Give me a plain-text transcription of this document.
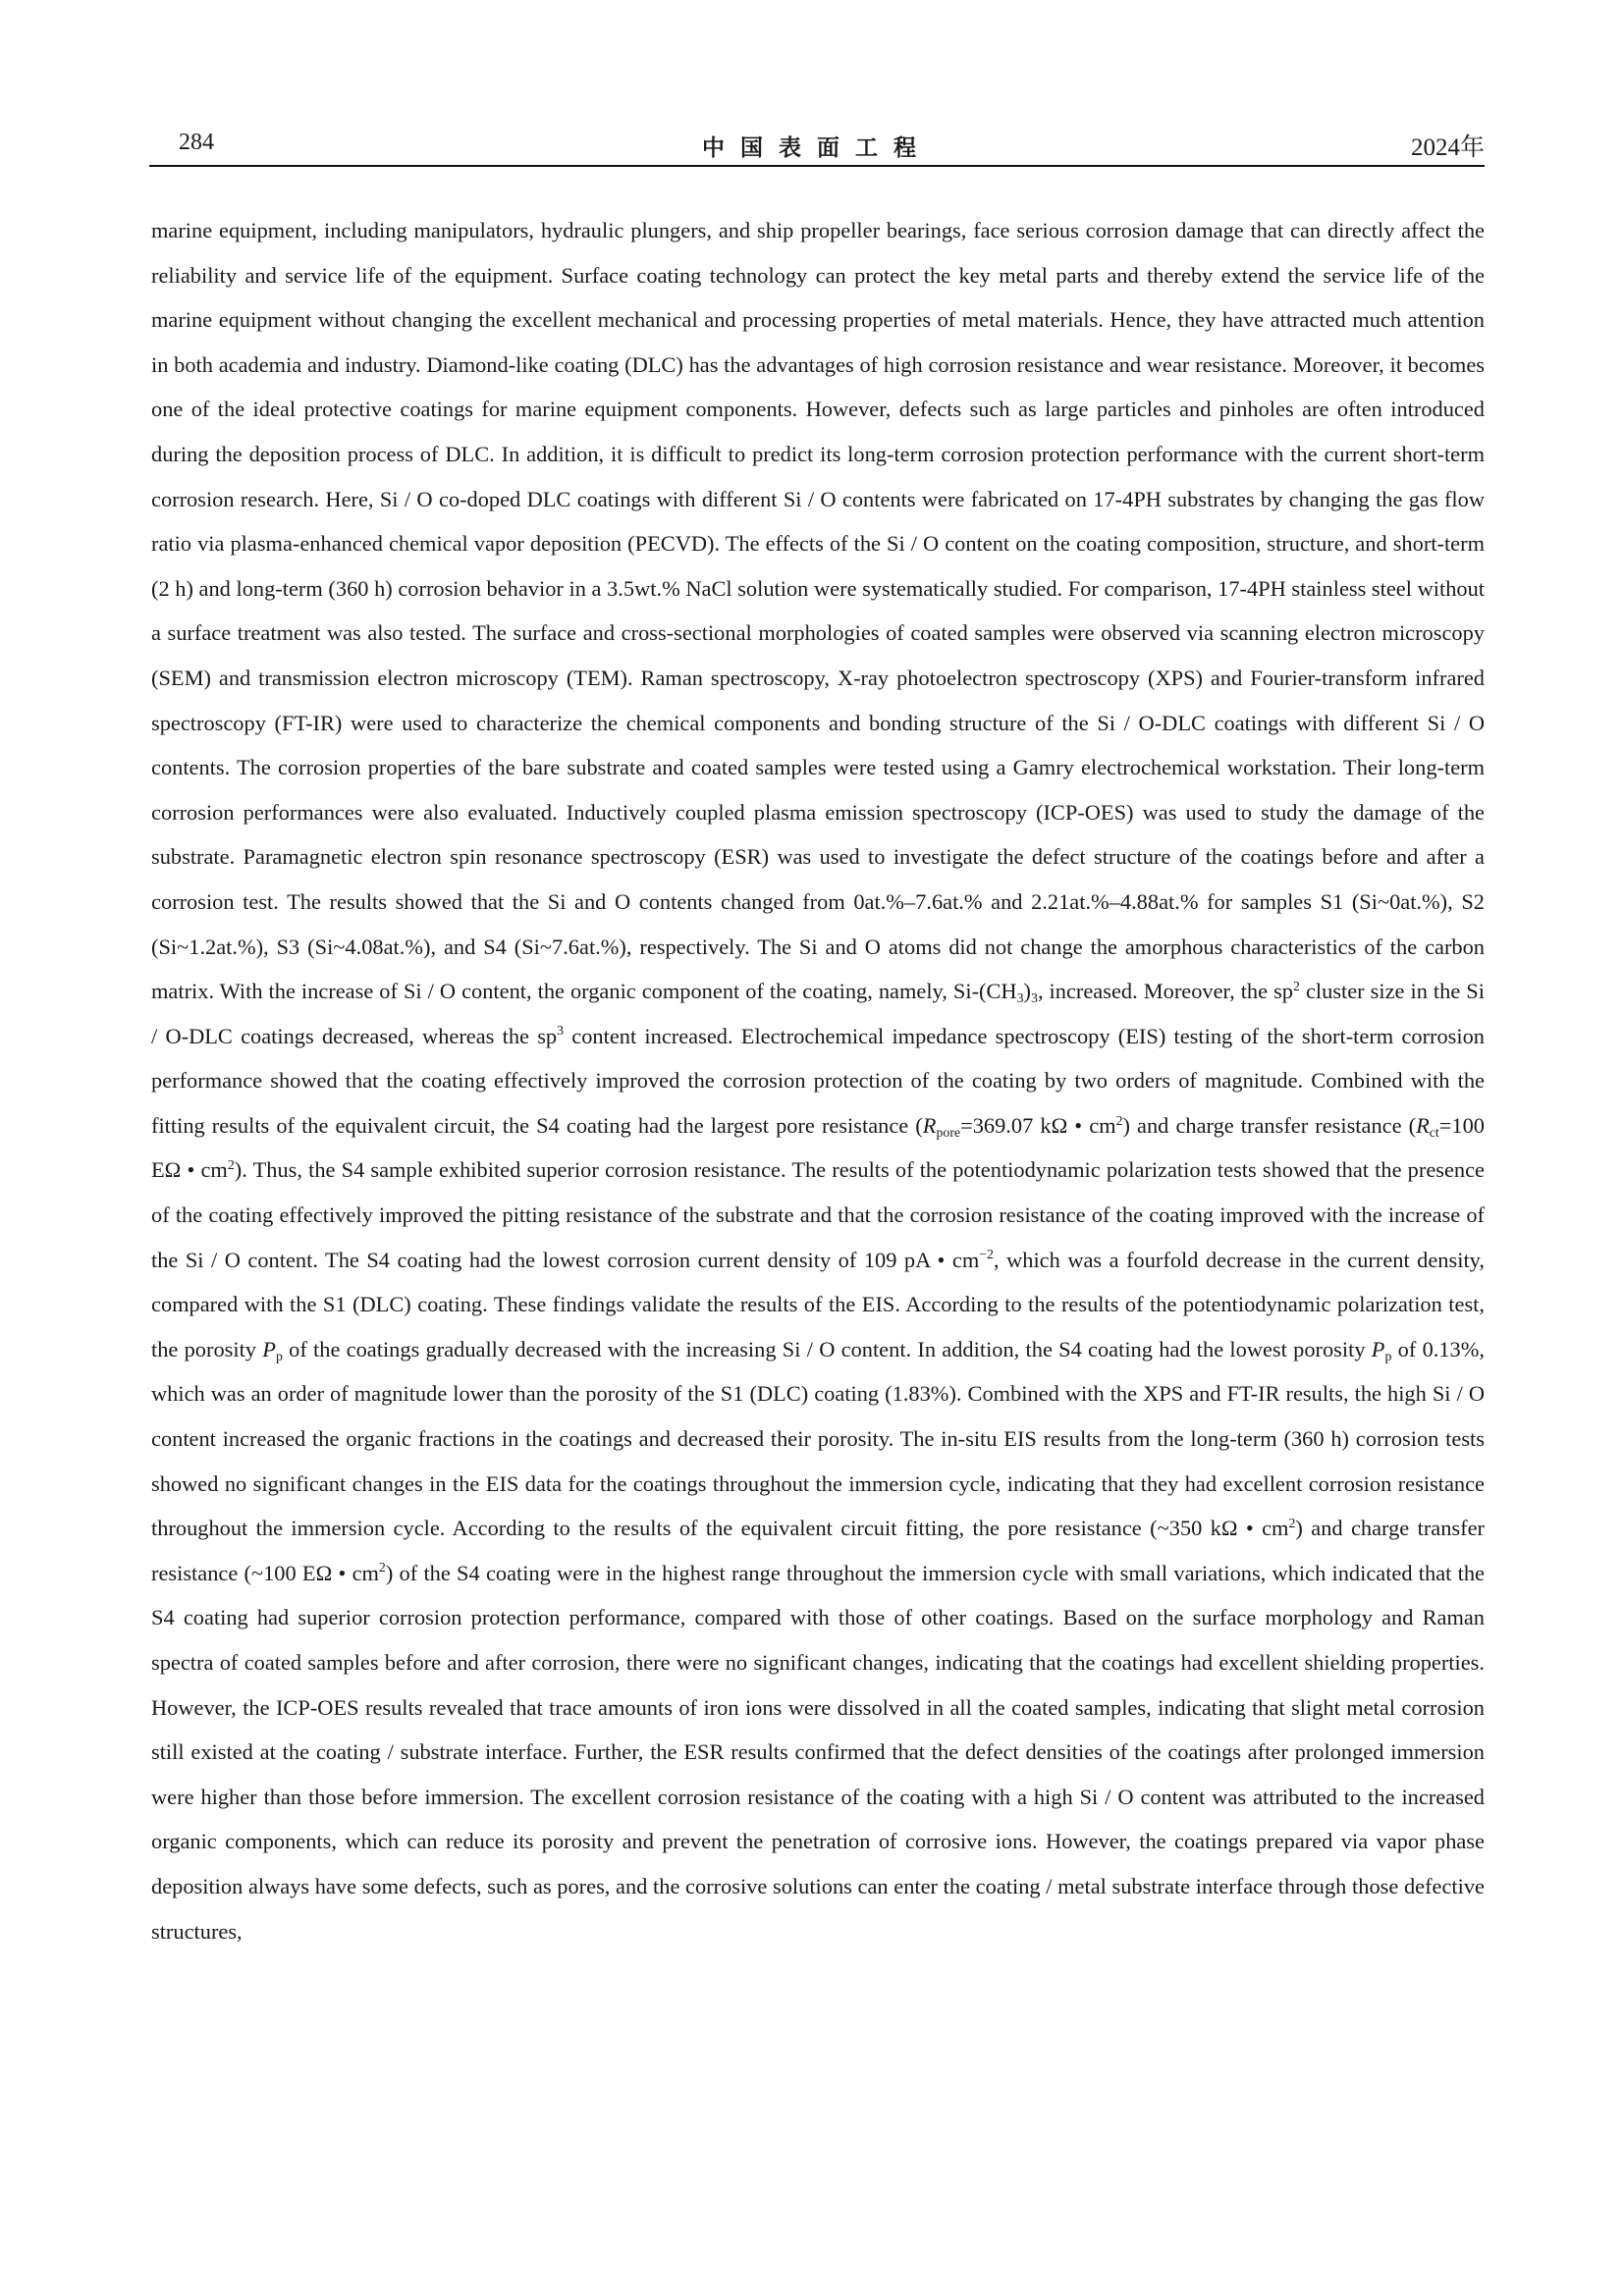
284	中国表面工程	2024年

marine equipment, including manipulators, hydraulic plungers, and ship propeller bearings, face serious corrosion damage that can directly affect the reliability and service life of the equipment. Surface coating technology can protect the key metal parts and thereby extend the service life of the marine equipment without changing the excellent mechanical and processing properties of metal materials. Hence, they have attracted much attention in both academia and industry. Diamond-like coating (DLC) has the advantages of high corrosion resistance and wear resistance. Moreover, it becomes one of the ideal protective coatings for marine equipment components. However, defects such as large particles and pinholes are often introduced during the deposition process of DLC. In addition, it is difficult to predict its long-term corrosion protection performance with the current short-term corrosion research. Here, Si / O co-doped DLC coatings with different Si / O contents were fabricated on 17-4PH substrates by changing the gas flow ratio via plasma-enhanced chemical vapor deposition (PECVD). The effects of the Si / O content on the coating composition, structure, and short-term (2 h) and long-term (360 h) corrosion behavior in a 3.5wt.% NaCl solution were systematically studied. For comparison, 17-4PH stainless steel without a surface treatment was also tested. The surface and cross-sectional morphologies of coated samples were observed via scanning electron microscopy (SEM) and transmission electron microscopy (TEM). Raman spectroscopy, X-ray photoelectron spectroscopy (XPS) and Fourier-transform infrared spectroscopy (FT-IR) were used to characterize the chemical components and bonding structure of the Si / O-DLC coatings with different Si / O contents. The corrosion properties of the bare substrate and coated samples were tested using a Gamry electrochemical workstation. Their long-term corrosion performances were also evaluated. Inductively coupled plasma emission spectroscopy (ICP-OES) was used to study the damage of the substrate. Paramagnetic electron spin resonance spectroscopy (ESR) was used to investigate the defect structure of the coatings before and after a corrosion test. The results showed that the Si and O contents changed from 0at.%–7.6at.% and 2.21at.%–4.88at.% for samples S1 (Si~0at.%), S2 (Si~1.2at.%), S3 (Si~4.08at.%), and S4 (Si~7.6at.%), respectively. The Si and O atoms did not change the amorphous characteristics of the carbon matrix. With the increase of Si / O content, the organic component of the coating, namely, $Si-(CH_3)_3$, increased. Moreover, the $sp^2$ cluster size in the Si / O-DLC coatings decreased, whereas the $sp^3$ content increased. Electrochemical impedance spectroscopy (EIS) testing of the short-term corrosion performance showed that the coating effectively improved the corrosion protection of the coating by two orders of magnitude. Combined with the fitting results of the equivalent circuit, the S4 coating had the largest pore resistance ($R_{pore}=369.07$ kΩ • $cm^2$) and charge transfer resistance ($R_{ct}=100$ EΩ • $cm^2$). Thus, the S4 sample exhibited superior corrosion resistance. The results of the potentiodynamic polarization tests showed that the presence of the coating effectively improved the pitting resistance of the substrate and that the corrosion resistance of the coating improved with the increase of the Si / O content. The S4 coating had the lowest corrosion current density of 109 pA • $cm^{-2}$, which was a fourfold decrease in the current density, compared with the S1 (DLC) coating. These findings validate the results of the EIS. According to the results of the potentiodynamic polarization test, the porosity $P_p$ of the coatings gradually decreased with the increasing Si / O content. In addition, the S4 coating had the lowest porosity $P_p$ of 0.13%, which was an order of magnitude lower than the porosity of the S1 (DLC) coating (1.83%). Combined with the XPS and FT-IR results, the high Si / O content increased the organic fractions in the coatings and decreased their porosity. The in-situ EIS results from the long-term (360 h) corrosion tests showed no significant changes in the EIS data for the coatings throughout the immersion cycle, indicating that they had excellent corrosion resistance throughout the immersion cycle. According to the results of the equivalent circuit fitting, the pore resistance (~350 kΩ • $cm^2$) and charge transfer resistance (~100 EΩ • $cm^2$) of the S4 coating were in the highest range throughout the immersion cycle with small variations, which indicated that the S4 coating had superior corrosion protection performance, compared with those of other coatings. Based on the surface morphology and Raman spectra of coated samples before and after corrosion, there were no significant changes, indicating that the coatings had excellent shielding properties. However, the ICP-OES results revealed that trace amounts of iron ions were dissolved in all the coated samples, indicating that slight metal corrosion still existed at the coating / substrate interface. Further, the ESR results confirmed that the defect densities of the coatings after prolonged immersion were higher than those before immersion. The excellent corrosion resistance of the coating with a high Si / O content was attributed to the increased organic components, which can reduce its porosity and prevent the penetration of corrosive ions. However, the coatings prepared via vapor phase deposition always have some defects, such as pores, and the corrosive solutions can enter the coating / metal substrate interface through those defective structures,
